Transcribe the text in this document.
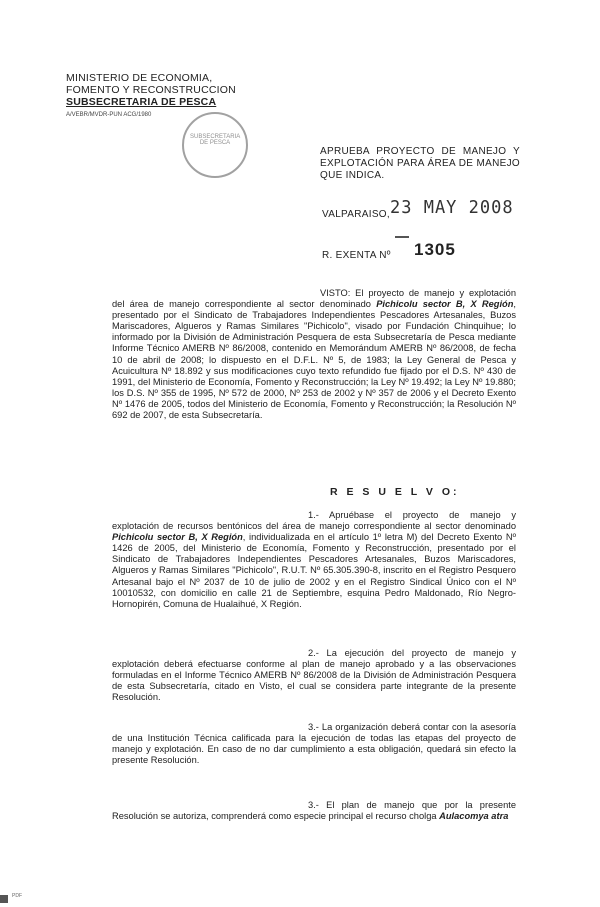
MINISTERIO DE ECONOMIA,
FOMENTO Y RECONSTRUCCION
SUBSECRETARIA DE PESCA
A/VEBR/MVDR-PUN ACG/1980
SUBSECRETARIA DE PESCA
APRUEBA PROYECTO DE MANEJO Y EXPLOTACIÓN PARA ÁREA DE MANEJO QUE INDICA.
VALPARAISO, 23 MAY 2008
R. EXENTA Nº 1305
VISTO: El proyecto de manejo y explotación del área de manejo correspondiente al sector denominado Pichicolu sector B, X Región, presentado por el Sindicato de Trabajadores Independientes Pescadores Artesanales, Buzos Mariscadores, Algueros y Ramas Similares "Pichicolo", visado por Fundación Chinquihue; lo informado por la División de Administración Pesquera de esta Subsecretaría de Pesca mediante Informe Técnico AMERB Nº 86/2008, contenido en Memorándum AMERB Nº 86/2008, de fecha 10 de abril de 2008; lo dispuesto en el D.F.L. Nº 5, de 1983; la Ley General de Pesca y Acuicultura Nº 18.892 y sus modificaciones cuyo texto refundido fue fijado por el D.S. Nº 430 de 1991, del Ministerio de Economía, Fomento y Reconstrucción; la Ley Nº 19.492; la Ley Nº 19.880; los D.S. Nº 355 de 1995, Nº 572 de 2000, Nº 253 de 2002 y Nº 357 de 2006 y el Decreto Exento Nº 1476 de 2005, todos del Ministerio de Economía, Fomento y Reconstrucción; la Resolución Nº 692 de 2007, de esta Subsecretaría.
R E S U E L V O:
1.- Apruébase el proyecto de manejo y explotación de recursos bentónicos del área de manejo correspondiente al sector denominado Pichicolu sector B, X Región, individualizada en el artículo 1º letra M) del Decreto Exento Nº 1426 de 2005, del Ministerio de Economía, Fomento y Reconstrucción, presentado por el Sindicato de Trabajadores Independientes Pescadores Artesanales, Buzos Mariscadores, Algueros y Ramas Similares "Pichicolo", R.U.T. Nº 65.305.390-8, inscrito en el Registro Pesquero Artesanal bajo el Nº 2037 de 10 de julio de 2002 y en el Registro Sindical Único con el Nº 10010532, con domicilio en calle 21 de Septiembre, esquina Pedro Maldonado, Río Negro-Hornopirén, Comuna de Hualaihué, X Región.
2.- La ejecución del proyecto de manejo y explotación deberá efectuarse conforme al plan de manejo aprobado y a las observaciones formuladas en el Informe Técnico AMERB Nº 86/2008 de la División de Administración Pesquera de esta Subsecretaría, citado en Visto, el cual se considera parte integrante de la presente Resolución.
3.- La organización deberá contar con la asesoría de una Institución Técnica calificada para la ejecución de todas las etapas del proyecto de manejo y explotación. En caso de no dar cumplimiento a esta obligación, quedará sin efecto la presente Resolución.
3.- El plan de manejo que por la presente Resolución se autoriza, comprenderá como especie principal el recurso cholga Aulacomya atra
PDF
